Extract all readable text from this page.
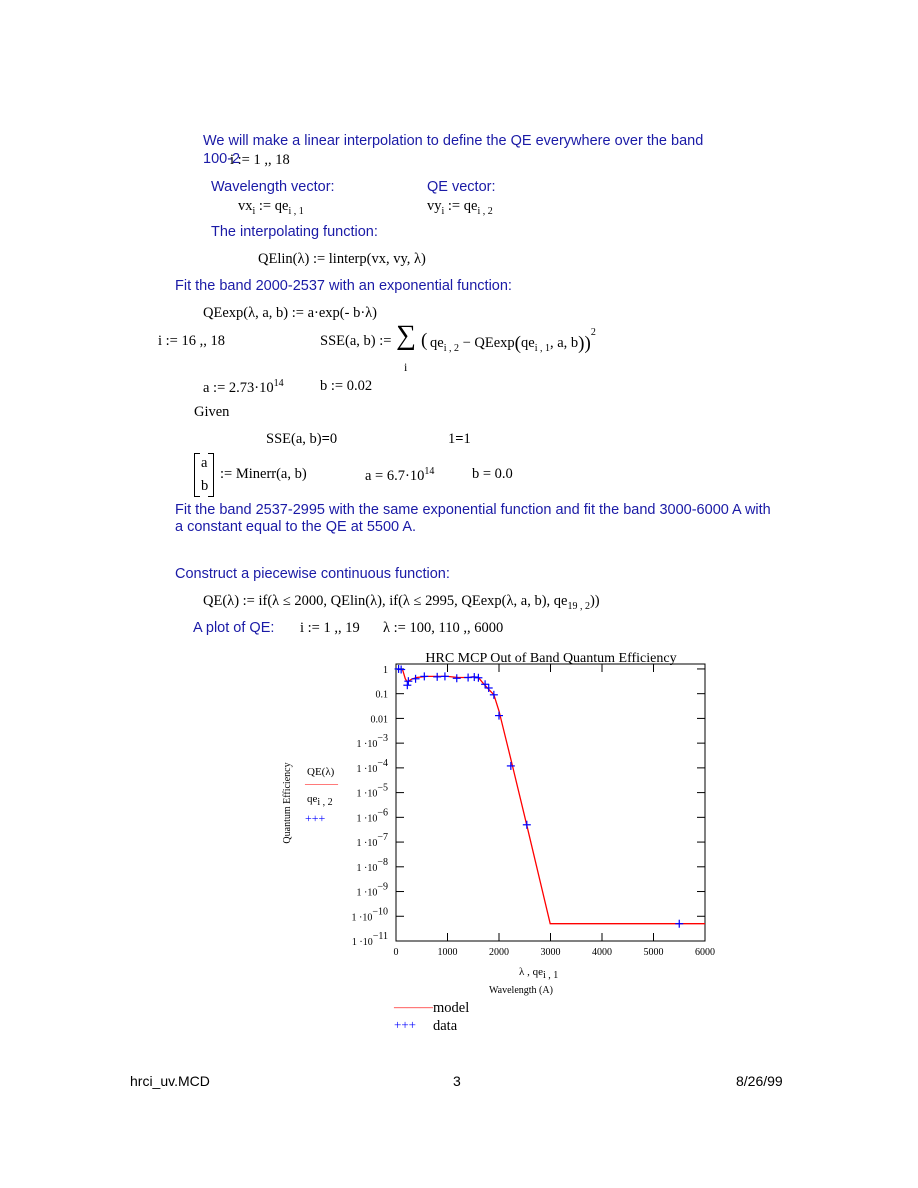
We will make a linear interpolation to define the QE everywhere over the band
100-2
i := 1 ,, 18
Wavelength vector:	QE vector:
$vx_i$ := $qe_{i , 1}$	$vy_i$ := $qe_{i , 2}$
The interpolating function:
QElin(λ) := linterp(vx, vy, λ)
Fit the band 2000-2537 with an exponential function:
QEexp(λ, a, b) := a·exp(- b·λ)
i := 16 ,, 18	SSE(a, b) := ∑
i
( $qe_{i , 2} - QEexp(qe_{i , 1}$, a, b))$^2$
a := $2.73\cdot 10^{14}$	b := 0.02
Given
SSE(a, b)=0	1=1
a
b
:= Minerr(a, b)	$a = 6.7\cdot 10^{14}$	b = 0.0
Fit the band 2537-2995 with the same exponential function and fit the band 3000-6000 A with
a constant equal to the QE at 5500 A.
Construct a piecewise continuous function:
QE(λ) := if(λ ≤ 2000, QElin(λ), if(λ ≤ 2995, QEexp(λ, a, b), $qe_{19 , 2}$))
A plot of QE: i := 1 ,, 19 λ := 100, 110 ,, 6000
HRC MCP Out of Band Quantum Efficiency
1
0.1
0.01
1 ·10−3
1 ·10−4
1 ·10−5
1 ·10−6
1 ·10−7
1 ·10−8
1 ·10−9
1 ·10−10
1 ·10−11
0	1000	2000	3000	4000	5000	6000
Quantum Efficiency
Wavelength (A)
QE(λ)
———
$qe_{i , 2}$
+++
λ , $qe_{i , 1}$
——— model
+++ data
hrci_uv.MCD	3	8/26/99
